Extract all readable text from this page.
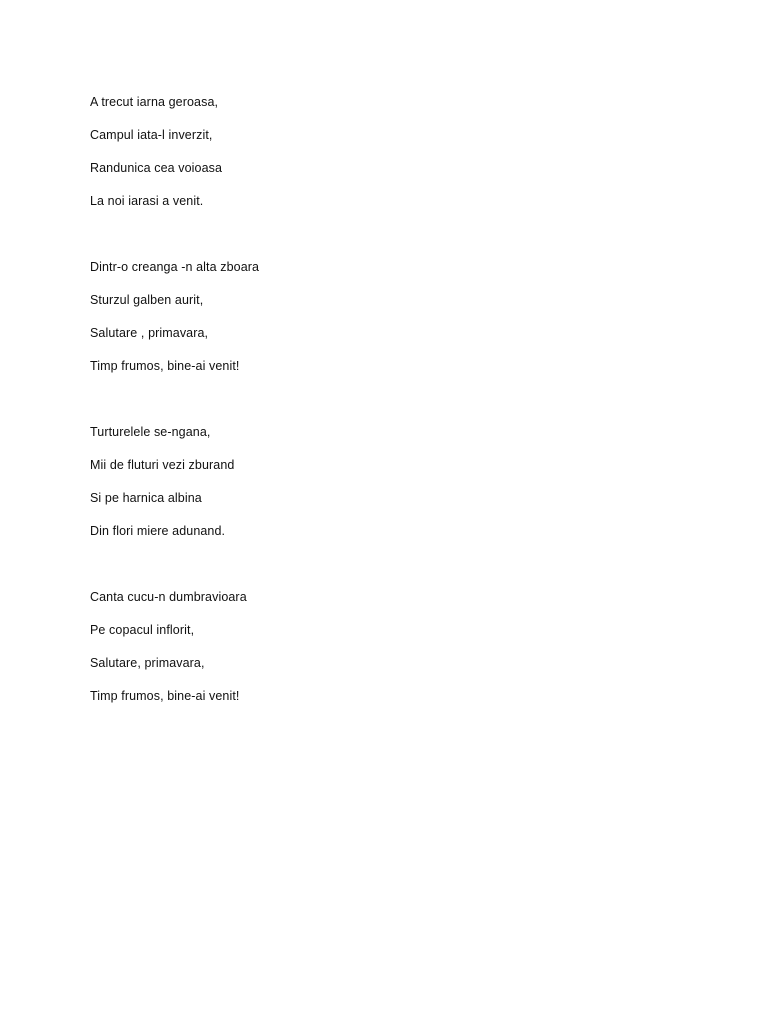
A trecut iarna geroasa,
Campul iata-l inverzit,
Randunica cea voioasa
La noi iarasi a venit.
Dintr-o creanga -n alta zboara
Sturzul galben aurit,
Salutare , primavara,
Timp frumos, bine-ai venit!
Turturelele se-ngana,
Mii de fluturi vezi zburand
Si pe harnica albina
Din flori miere adunand.
Canta cucu-n dumbravioara
Pe copacul inflorit,
Salutare, primavara,
Timp frumos, bine-ai venit!
